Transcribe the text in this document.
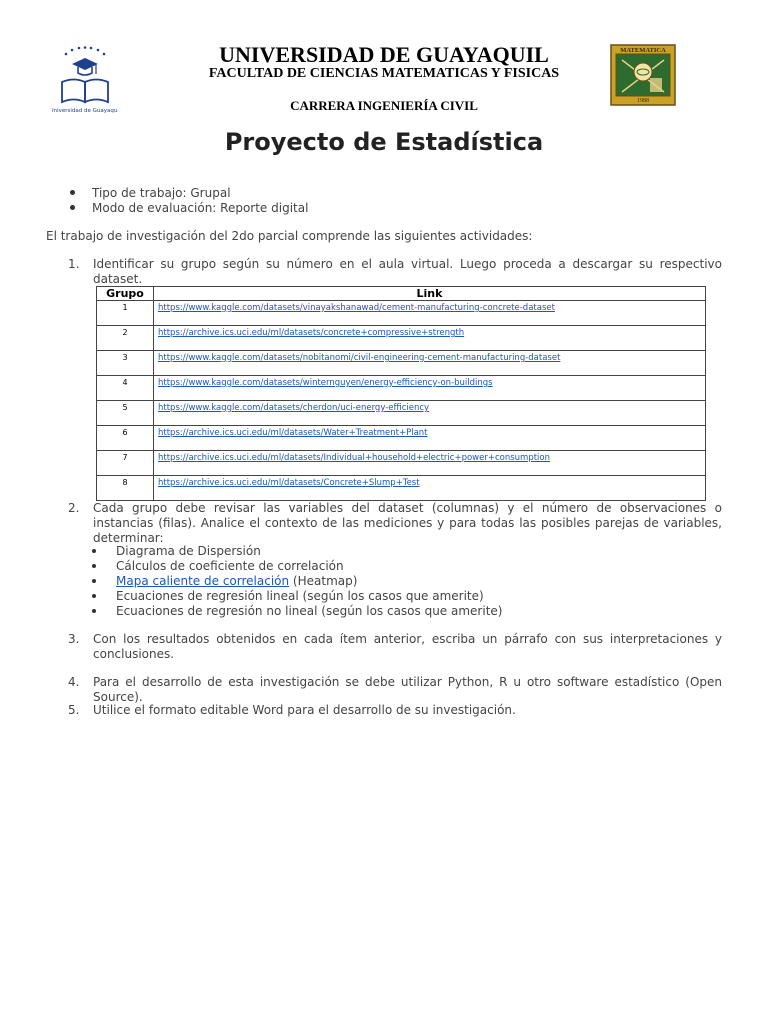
Universidad de Guayaquil
UNIVERSIDAD DE GUAYAQUIL
FACULTAD DE CIENCIAS MATEMATICAS Y FISICAS
CARRERA INGENIERÍA CIVIL
MATEMATICA
1988
Proyecto de Estadística
Tipo de trabajo: Grupal
Modo de evaluación: Reporte digital
El trabajo de investigación del 2do parcial comprende las siguientes actividades:
1. Identificar su grupo según su número en el aula virtual. Luego proceda a descargar su respectivo dataset.
Grupo	Link
1	https://www.kaggle.com/datasets/vinayakshanawad/cement-manufacturing-concrete-dataset
2	https://archive.ics.uci.edu/ml/datasets/concrete+compressive+strength
3	https://www.kaggle.com/datasets/nobitanomi/civil-engineering-cement-manufacturing-dataset
4	https://www.kaggle.com/datasets/winternguyen/energy-efficiency-on-buildings
5	https://www.kaggle.com/datasets/cherdon/uci-energy-efficiency
6	https://archive.ics.uci.edu/ml/datasets/Water+Treatment+Plant
7	https://archive.ics.uci.edu/ml/datasets/Individual+household+electric+power+consumption
8	https://archive.ics.uci.edu/ml/datasets/Concrete+Slump+Test
2. Cada grupo debe revisar las variables del dataset (columnas) y el número de observaciones o instancias (filas). Analice el contexto de las mediciones y para todas las posibles parejas de variables, determinar:
Diagrama de Dispersión
Cálculos de coeficiente de correlación
Mapa caliente de correlación (Heatmap)
Ecuaciones de regresión lineal (según los casos que amerite)
Ecuaciones de regresión no lineal (según los casos que amerite)
3. Con los resultados obtenidos en cada ítem anterior, escriba un párrafo con sus interpretaciones y conclusiones.
4. Para el desarrollo de esta investigación se debe utilizar Python, R u otro software estadístico (Open Source).
5. Utilice el formato editable Word para el desarrollo de su investigación.
